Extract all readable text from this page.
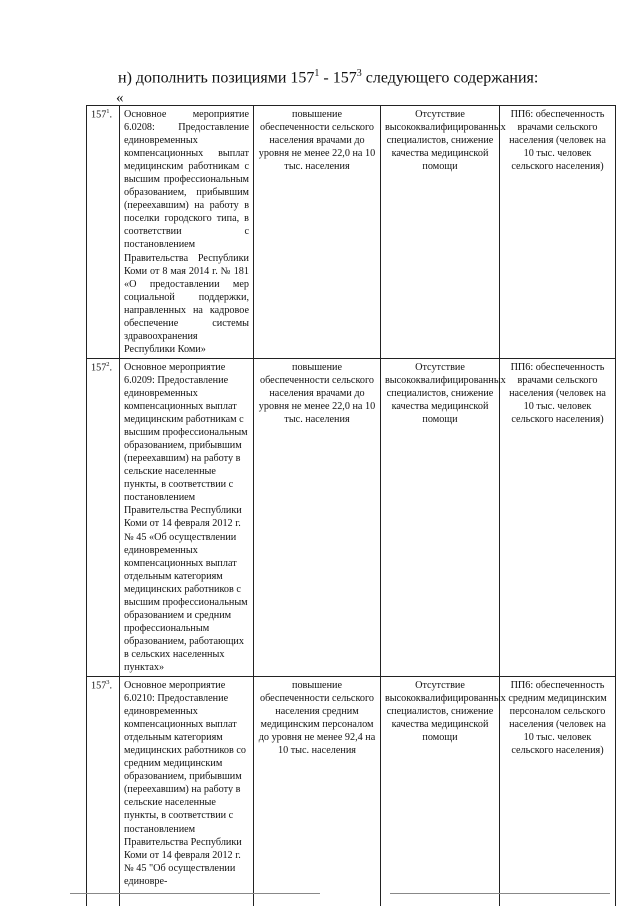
н) дополнить позициями $157^1 - 157^3$ следующего содержания:
«
$157^1$.	Основное мероприятие 6.0208: Предоставление единовременных компенсационных выплат медицинским работникам с высшим профессиональным образованием, прибывшим (переехавшим) на работу в поселки городского типа, в соответствии с постановлением Правительства Республики Коми от 8 мая 2014 г. № 181 «О предоставлении мер социальной поддержки, направленных на кадровое обеспечение системы здравоохранения Республики Коми»	повышение обеспеченности сельского населения врачами до уровня не менее 22,0 на 10 тыс. населения	Отсутствие высококвалифицированных специалистов, снижение качества медицинской помощи	ПП6: обеспеченность врачами сельского населения (человек на 10 тыс. человек сельского населения)
$157^2$.	Основное мероприятие 6.0209: Предоставление единовременных компенсационных выплат медицинским работникам с высшим профессиональным образованием, прибывшим (переехавшим) на работу в сельские населенные пункты, в соответствии с постановлением Правительства Республики Коми от 14 февраля 2012 г. № 45 «Об осуществлении единовременных компенсационных выплат отдельным категориям медицинских работников с высшим профессиональным образованием и средним профессиональным образованием, работающих в сельских населенных пунктах»	повышение обеспеченности сельского населения врачами до уровня не менее 22,0 на 10 тыс. населения	Отсутствие высококвалифицированных специалистов, снижение качества медицинской помощи	ПП6: обеспеченность врачами сельского населения (человек на 10 тыс. человек сельского населения)
$157^3$.	Основное мероприятие 6.0210: Предоставление единовременных компенсационных выплат отдельным категориям медицинских работников со средним медицинским образованием, прибывшим (переехавшим) на работу в сельские населенные пункты, в соответствии с постановлением Правительства Республики Коми от 14 февраля 2012 г. № 45 "Об осуществлении единовре-	повышение обеспеченности сельского населения средним медицинским персоналом до уровня не менее 92,4 на 10 тыс. населения	Отсутствие высококвалифицированных специалистов, снижение качества медицинской помощи	ПП6: обеспеченность средним медицинским персоналом сельского населения (человек на 10 тыс. человек сельского населения)
